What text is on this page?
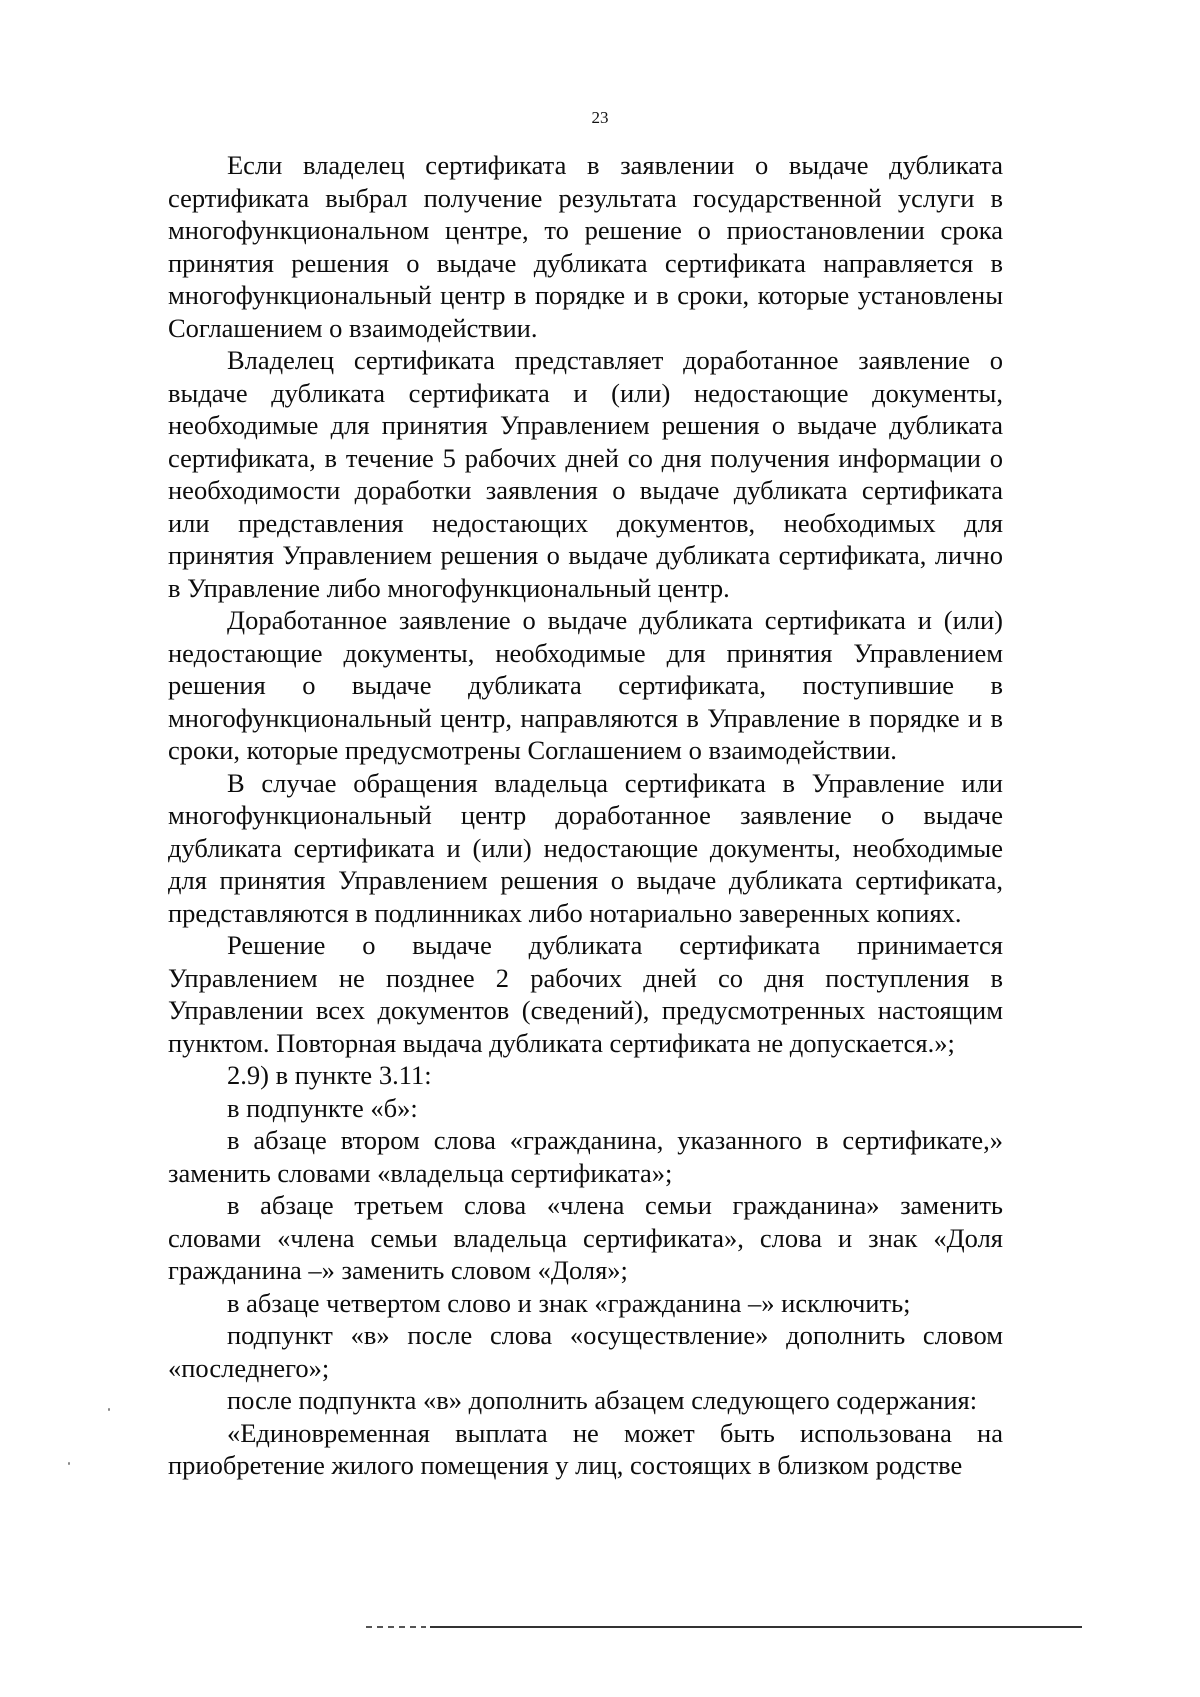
23

Если владелец сертификата в заявлении о выдаче дубликата сертификата выбрал получение результата государственной услуги в многофункциональном центре, то решение о приостановлении срока принятия решения о выдаче дубликата сертификата направляется в многофункциональный центр в порядке и в сроки, которые установлены Соглашением о взаимодействии.

Владелец сертификата представляет доработанное заявление о выдаче дубликата сертификата и (или) недостающие документы, необходимые для принятия Управлением решения о выдаче дубликата сертификата, в течение 5 рабочих дней со дня получения информации о необходимости доработки заявления о выдаче дубликата сертификата или представления недостающих документов, необходимых для принятия Управлением решения о выдаче дубликата сертификата, лично в Управление либо многофункциональный центр.

Доработанное заявление о выдаче дубликата сертификата и (или) недостающие документы, необходимые для принятия Управлением решения о выдаче дубликата сертификата, поступившие в многофункциональный центр, направляются в Управление в порядке и в сроки, которые предусмотрены Соглашением о взаимодействии.

В случае обращения владельца сертификата в Управление или многофункциональный центр доработанное заявление о выдаче дубликата сертификата и (или) недостающие документы, необходимые для принятия Управлением решения о выдаче дубликата сертификата, представляются в подлинниках либо нотариально заверенных копиях.

Решение о выдаче дубликата сертификата принимается Управлением не позднее 2 рабочих дней со дня поступления в Управлении всех документов (сведений), предусмотренных настоящим пунктом. Повторная выдача дубликата сертификата не допускается.»;

2.9) в пункте 3.11:

в подпункте «б»:

в абзаце втором слова «гражданина, указанного в сертификате,» заменить словами «владельца сертификата»;

в абзаце третьем слова «члена семьи гражданина» заменить словами «члена семьи владельца сертификата», слова и знак «Доля гражданина –» заменить словом «Доля»;

в абзаце четвертом слово и знак «гражданина –» исключить;

подпункт «в» после слова «осуществление» дополнить словом «последнего»;

после подпункта «в» дополнить абзацем следующего содержания:

«Единовременная выплата не может быть использована на приобретение жилого помещения у лиц, состоящих в близком родстве
